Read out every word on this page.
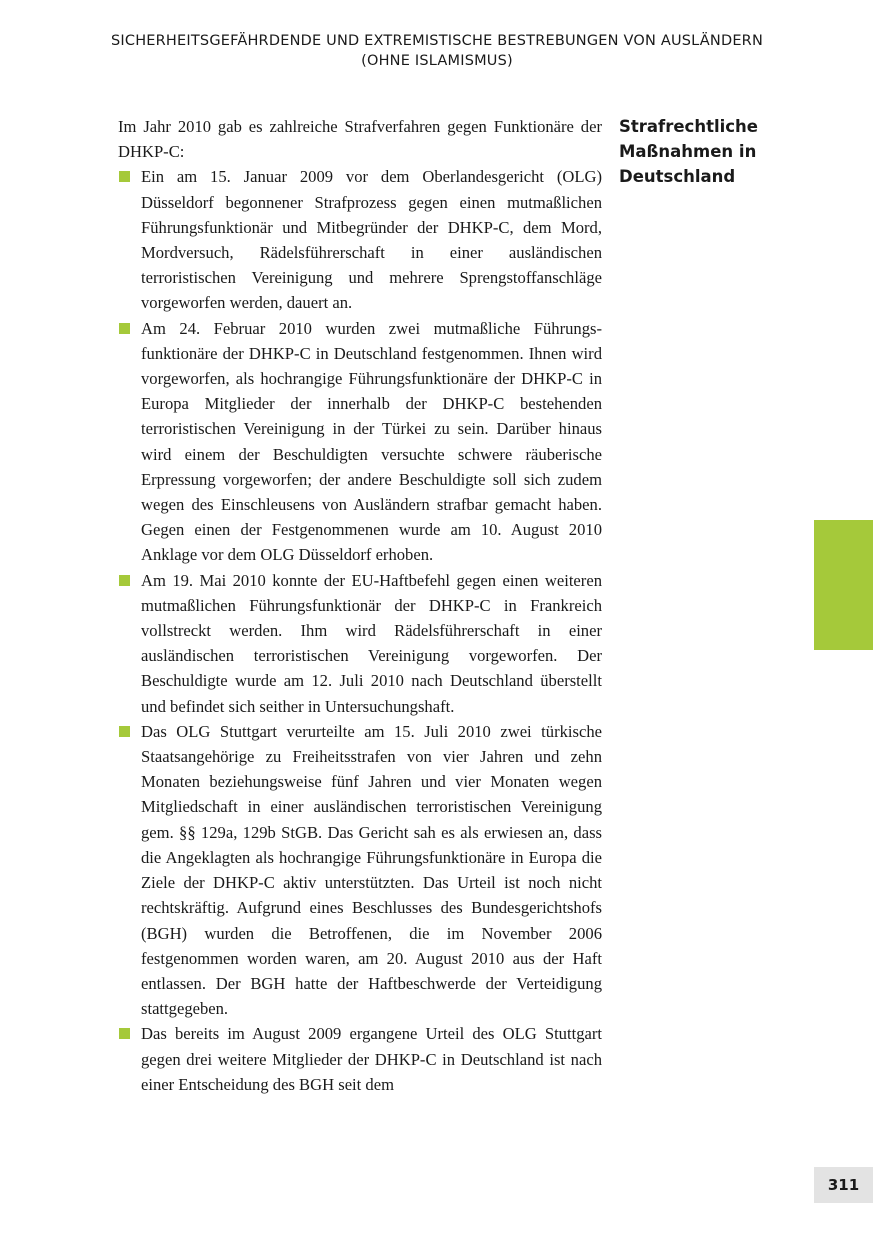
SICHERHEITSGEFÄHRDENDE UND EXTREMISTISCHE BESTREBUNGEN VON AUSLÄNDERN
(OHNE ISLAMISMUS)

Im Jahr 2010 gab es zahlreiche Strafverfahren gegen Funktionäre der DHKP-C:

Ein am 15. Januar 2009 vor dem Oberlandesgericht (OLG) Düsseldorf begonnener Strafprozess gegen einen mutmaßlichen Führungsfunktionär und Mitbegründer der DHKP-C, dem Mord, Mordversuch, Rädelsführerschaft in einer ausländischen terroristischen Vereinigung und mehrere Sprengstoffanschläge vorgeworfen werden, dauert an.
Am 24. Februar 2010 wurden zwei mutmaßliche Führungsfunktionäre der DHKP-C in Deutschland festgenommen. Ihnen wird vorgeworfen, als hochrangige Führungsfunktionäre der DHKP-C in Europa Mitglieder der innerhalb der DHKP-C bestehenden terroristischen Vereinigung in der Türkei zu sein. Darüber hinaus wird einem der Beschuldigten versuchte schwere räuberische Erpressung vorgeworfen; der andere Beschuldigte soll sich zudem wegen des Einschleusens von Ausländern strafbar gemacht haben. Gegen einen der Festgenommenen wurde am 10. August 2010 Anklage vor dem OLG Düsseldorf erhoben.
Am 19. Mai 2010 konnte der EU-Haftbefehl gegen einen weiteren mutmaßlichen Führungsfunktionär der DHKP-C in Frankreich vollstreckt werden. Ihm wird Rädelsführerschaft in einer ausländischen terroristischen Vereinigung vorgeworfen. Der Beschuldigte wurde am 12. Juli 2010 nach Deutschland überstellt und befindet sich seither in Untersuchungshaft.
Das OLG Stuttgart verurteilte am 15. Juli 2010 zwei türkische Staatsangehörige zu Freiheitsstrafen von vier Jahren und zehn Monaten beziehungsweise fünf Jahren und vier Monaten wegen Mitgliedschaft in einer ausländischen terroristischen Vereinigung gem. §§ 129a, 129b StGB. Das Gericht sah es als erwiesen an, dass die Angeklagten als hochrangige Führungsfunktionäre in Europa die Ziele der DHKP-C aktiv unterstützten. Das Urteil ist noch nicht rechtskräftig. Aufgrund eines Beschlusses des Bundesgerichtshofs (BGH) wurden die Betroffenen, die im November 2006 festgenommen worden waren, am 20. August 2010 aus der Haft entlassen. Der BGH hatte der Haftbeschwerde der Verteidigung stattgegeben.
Das bereits im August 2009 ergangene Urteil des OLG Stuttgart gegen drei weitere Mitglieder der DHKP-C in Deutschland ist nach einer Entscheidung des BGH seit dem
Strafrechtliche
Maßnahmen in
Deutschland
311
